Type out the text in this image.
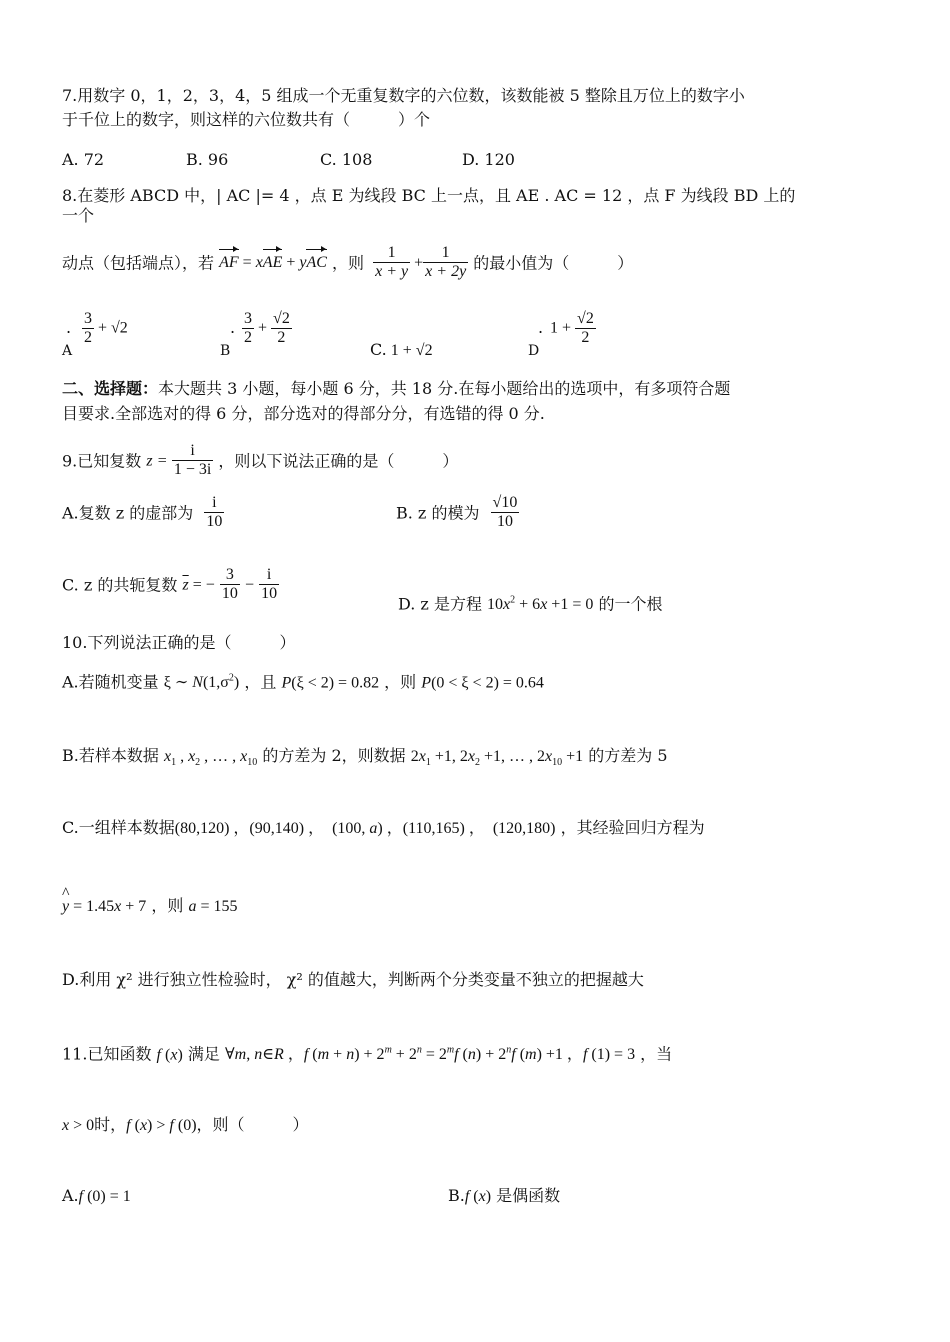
7.用数字 0，1，2，3，4，5 组成一个无重复数字的六位数，该数能被 5 整除且万位上的数字小
于千位上的数字，则这样的六位数共有（　　　）个
A. 72	B. 96	C. 108	D. 120
8.在菱形 ABCD 中，| AC |= 4 ，点 E 为线段 BC 上一点，且 AE . AC = 12 ，点 F 为线段 BD 上的
一个
动点（包括端点），若 AF = xAE + yAC ，则 $\frac{1}{x + y} + \frac{1}{x + 2y}$ 的最小值为（　　　）
.
A
$\frac{3}{2} + √2$	.
B
$\frac{3}{2} + \frac{√2}{2}$
C. 1 + √2
.
D
$1 + \frac{√2}{2}$
二、选择题：本大题共 3 小题，每小题 6 分，共 18 分.在每小题给出的选项中，有多项符合题
目要求.全部选对的得 6 分，部分选对的得部分分，有选错的得 0 分.
9.已知复数 $z = \frac{i}{1 - 3i}$ ，则以下说法正确的是（　　　）
A.复数 z 的虚部为 $\frac{i}{10}$	B. z 的模为 $\frac{√10}{10}$
C. z 的共轭复数 $\overline{z}$ = − $\frac{3}{10} - \frac{i}{10}$
D. z 是方程 $10x^2 + 6x +1 = 0$ 的一个根
10.下列说法正确的是（　　　）
A.若随机变量 ξ ∼ $N(1,\sigma^2)$ ，且 P(ξ < 2) = 0.82 ，则 P(0 < ξ < 2) = 0.64
B.若样本数据 $x_1$ , $x_2$ , … , $x_{10}$ 的方差为 2，则数据 $2x_1 +1$, $2x_2 +1$, … , $2x_{10} +1$ 的方差为 5
C.一组样本数据(80,120) ，(90,140) ，　(100, a) ，(110,165) ，　(120,180) ，其经验回归方程为
y
^
= 1.45x + 7 ，则 a = 155
D.利用 χ² 进行独立性检验时， χ² 的值越大，判断两个分类变量不独立的把握越大
11.已知函数 f (x) 满足 ∀m, n∈R ，f $(m + n) + 2^m + 2^n = 2^mf$ $(n) + 2^nf$ (m) +1 ，f (1) = 3 ，当
x > 0时，f (x) > f (0)，则（　　　）
A.f (0) = 1	B.f (x) 是偶函数
